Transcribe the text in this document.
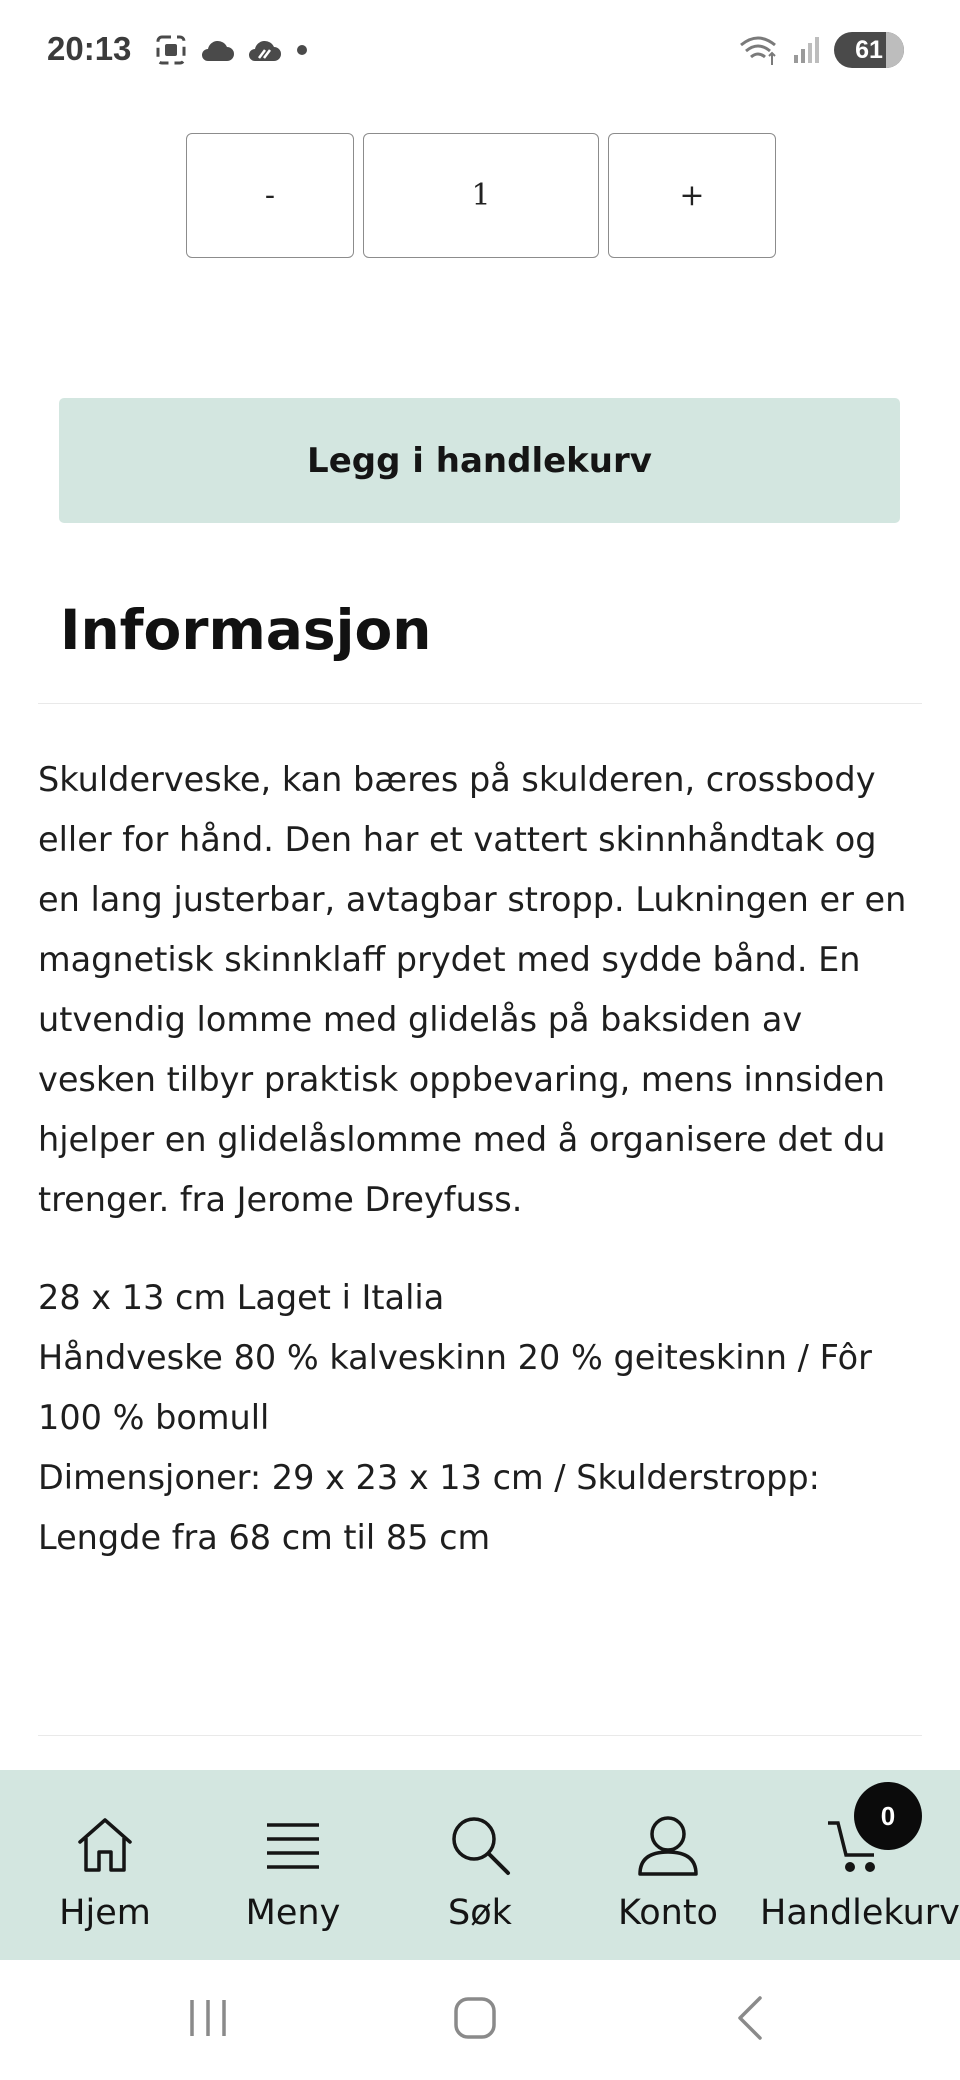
20:13	61
-	1	+
Legg i handlekurv
Informasjon

Skulderveske, kan bæres på skulderen, crossbody eller for hånd. Den har et vattert skinnhåndtak og en lang justerbar, avtagbar stropp. Lukningen er en magnetisk skinnklaff prydet med sydde bånd. En utvendig lomme med glidelås på baksiden av vesken tilbyr praktisk oppbevaring, mens innsiden hjelper en glidelåslomme med å organisere det du trenger. fra Jerome Dreyfuss.

28 x 13 cm Laget i Italia

Håndveske 80 % kalveskinn 20 % geiteskinn / Fôr 100 % bomull

Dimensjoner: 29 x 23 x 13 cm / Skulderstropp: Lengde fra 68 cm til 85 cm

Hjem	Meny	Søk	Konto
0
Handlekurv
